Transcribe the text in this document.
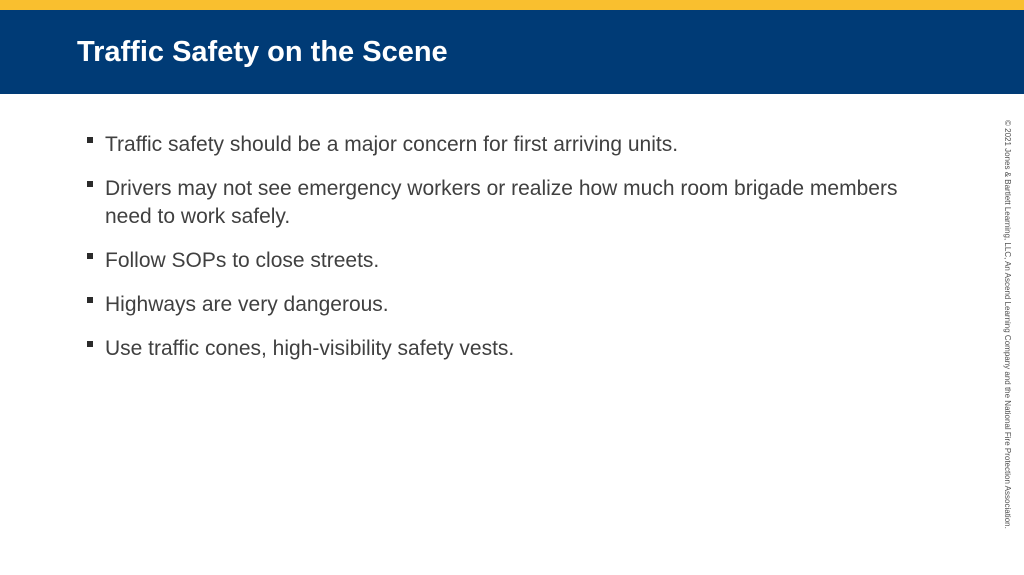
Traffic Safety on the Scene
Traffic safety should be a major concern for first arriving units.
Drivers may not see emergency workers or realize how much room brigade members need to work safely.
Follow SOPs to close streets.
Highways are very dangerous.
Use traffic cones, high-visibility safety vests.	© 2021 Jones & Bartlett Learning, LLC, An Ascend Learning Company and the National Fire Protection Association.
